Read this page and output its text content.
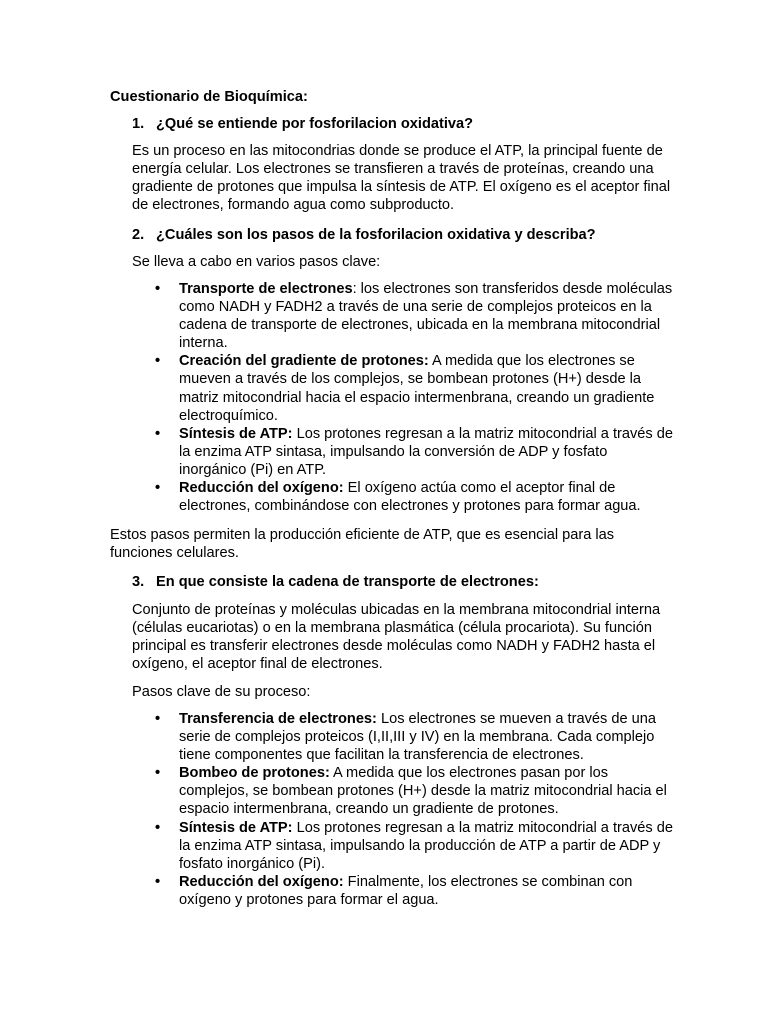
Cuestionario de Bioquímica:

1. ¿Qué se entiende por fosforilacion oxidativa?

Es un proceso en las mitocondrias donde se produce el ATP, la principal fuente de energía celular. Los electrones se transfieren a través de proteínas, creando una gradiente de protones que impulsa la síntesis de ATP. El oxígeno es el aceptor final de electrones, formando agua como subproducto.

2. ¿Cuáles son los pasos de la fosforilacion oxidativa y describa?

Se lleva a cabo en varios pasos clave:

• Transporte de electrones: los electrones son transferidos desde moléculas como NADH y FADH2 a través de una serie de complejos proteicos en la cadena de transporte de electrones, ubicada en la membrana mitocondrial interna.
• Creación del gradiente de protones: A medida que los electrones se mueven a través de los complejos, se bombean protones (H+) desde la matriz mitocondrial hacia el espacio intermenbrana, creando un gradiente electroquímico.
• Síntesis de ATP: Los protones regresan a la matriz mitocondrial a través de la enzima ATP sintasa, impulsando la conversión de ADP y fosfato inorgánico (Pi) en ATP.
• Reducción del oxígeno: El oxígeno actúa como el aceptor final de electrones, combinándose con electrones y protones para formar agua.

Estos pasos permiten la producción eficiente de ATP, que es esencial para las funciones celulares.

3. En que consiste la cadena de transporte de electrones:

Conjunto de proteínas y moléculas ubicadas en la membrana mitocondrial interna (células eucariotas) o en la membrana plasmática (célula procariota). Su función principal es transferir electrones desde moléculas como NADH y FADH2 hasta el oxígeno, el aceptor final de electrones.

Pasos clave de su proceso:

• Transferencia de electrones: Los electrones se mueven a través de una serie de complejos proteicos (I,II,III y IV) en la membrana. Cada complejo tiene componentes que facilitan la transferencia de electrones.
• Bombeo de protones: A medida que los electrones pasan por los complejos, se bombean protones (H+) desde la matriz mitocondrial hacia el espacio intermenbrana, creando un gradiente de protones.
• Síntesis de ATP: Los protones regresan a la matriz mitocondrial a través de la enzima ATP sintasa, impulsando la producción de ATP a partir de ADP y fosfato inorgánico (Pi).
• Reducción del oxígeno: Finalmente, los electrones se combinan con oxígeno y protones para formar el agua.
